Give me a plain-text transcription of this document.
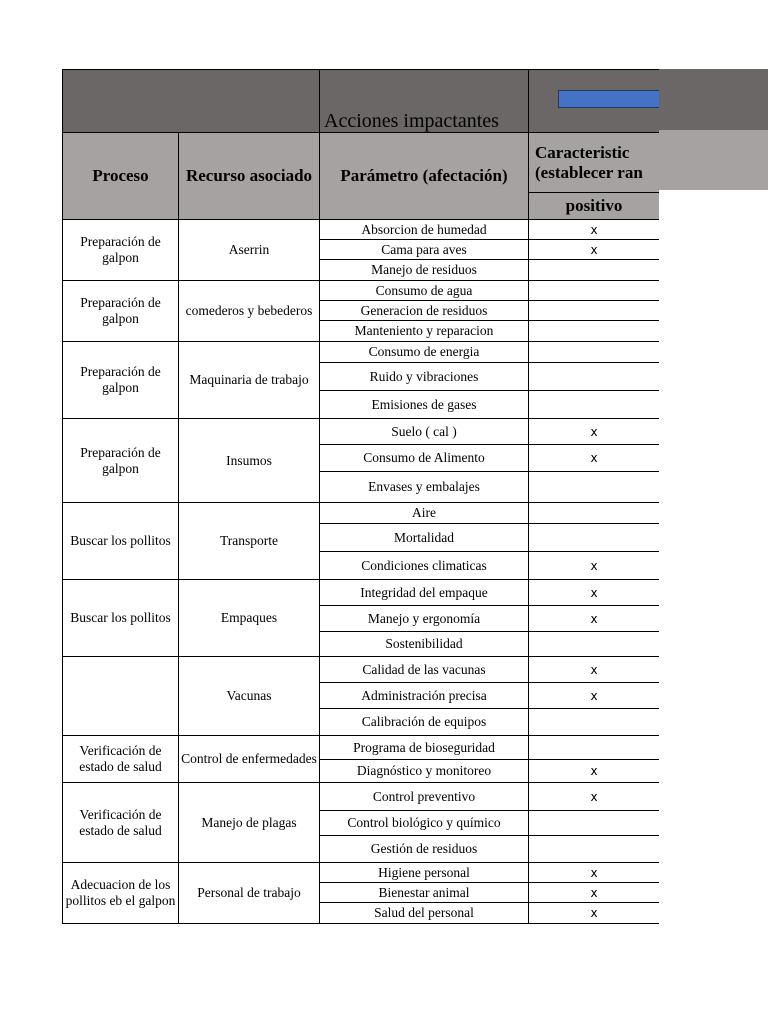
		Acciones impactantes	
Proceso	Recurso asociado	Parámetro (afectación)	Caracteristic
(establecer ran

			positivo
Preparación de galpon	Aserrin	Absorcion de humedad	x
		Cama para aves	x
		Manejo de residuos	
Preparación de galpon	comederos y bebederos	Consumo de agua	
		Generacion de residuos	
		Manteniento y reparacion	
Preparación de galpon	Maquinaria de trabajo	Consumo de energia	
		Ruido y vibraciones	
		Emisiones de gases	
Preparación de galpon	Insumos	Suelo ( cal )	x
		Consumo de Alimento	x
		Envases y embalajes	
Buscar los pollitos	Transporte	Aire	
		Mortalidad	
		Condiciones climaticas	x
Buscar los pollitos	Empaques	Integridad del empaque	x
		Manejo y ergonomía	x
		Sostenibilidad	
	Vacunas	Calidad de las vacunas	x
		Administración precisa	x
		Calibración de equipos	
Verificación de estado de salud	Control de enfermedades	Programa de bioseguridad	
		Diagnóstico y monitoreo	x
Verificación de estado de salud	Manejo de plagas	Control preventivo	x
		Control biológico y químico	
		Gestión de residuos	
Adecuacion de los pollitos eb el galpon	Personal de trabajo	Higiene personal	x
		Bienestar animal	x
		Salud del personal	x
